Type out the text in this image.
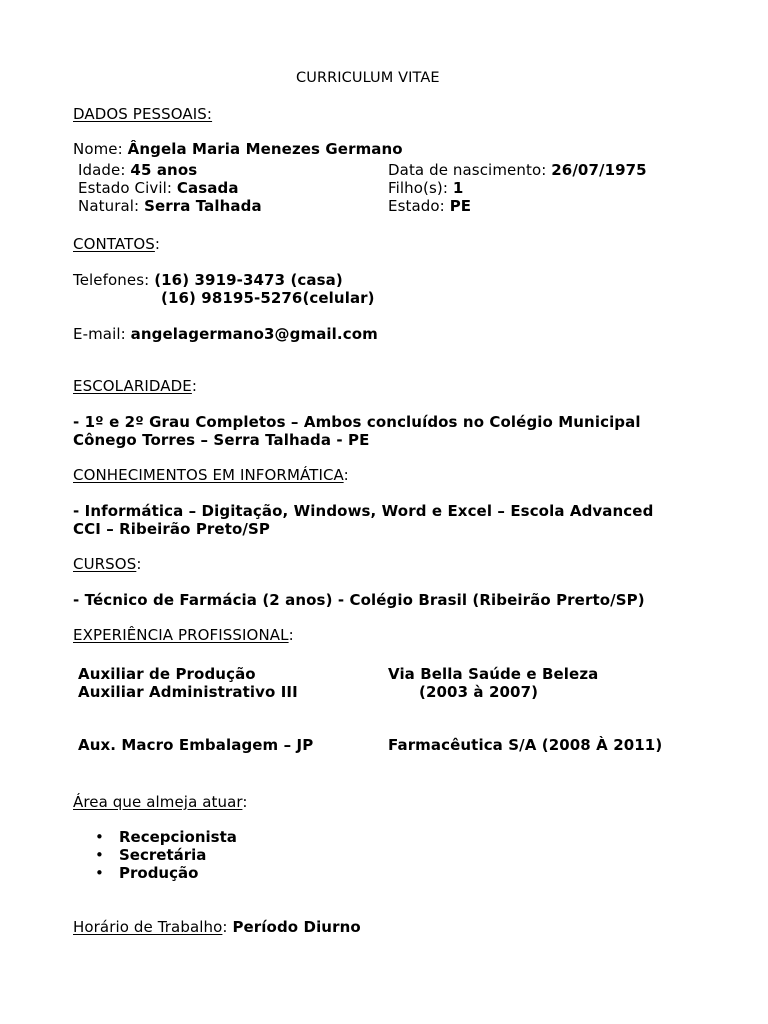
CURRICULUM VITAE
DADOS PESSOAIS:
Nome: Ângela Maria Menezes Germano
Idade: 45 anos
Estado Civil: Casada
Natural: Serra Talhada
Data de nascimento: 26/07/1975
Filho(s): 1
Estado: PE
CONTATOS:
Telefones: (16) 3919-3473 (casa)
(16) 98195-5276(celular)
E-mail: angelagermano3@gmail.com
ESCOLARIDADE:
- 1º e 2º Grau Completos – Ambos concluídos no Colégio Municipal
Cônego Torres – Serra Talhada - PE
CONHECIMENTOS EM INFORMÁTICA:
- Informática – Digitação, Windows, Word e Excel – Escola Advanced
CCI – Ribeirão Preto/SP
CURSOS:
- Técnico de Farmácia (2 anos) - Colégio Brasil (Ribeirão Prerto/SP)
EXPERIÊNCIA PROFISSIONAL:
Auxiliar de Produção
Auxiliar Administrativo III
Via Bella Saúde e Beleza
(2003 à 2007)
Aux. Macro Embalagem – JP	Farmacêutica S/A (2008 À 2011)
Área que almeja atuar:
• Recepcionista
• Secretária
• Produção
Horário de Trabalho: Período Diurno
